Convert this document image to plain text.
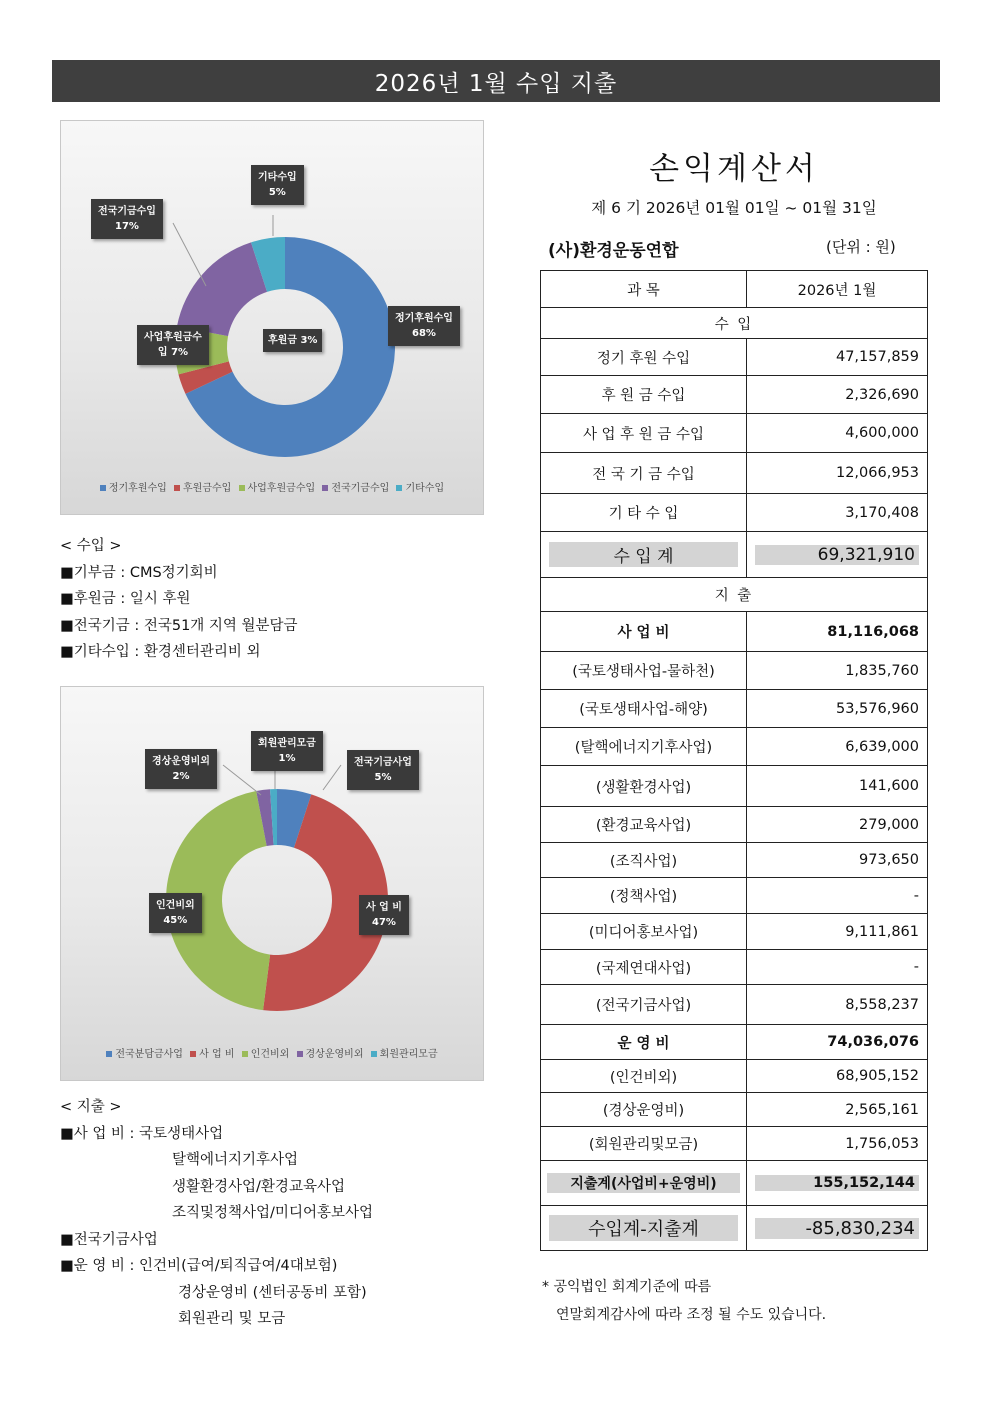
2026년 1월 수입 지출
정기후원수입
68%
후원금 3%
사업후원금수
입 7%
전국기금수입
17%
기타수입
5%
정기후원수입 후원금수입 사업후원금수입 전국기금수입 기타수입
< 수입 >
■기부금 : CMS정기회비
■후원금 : 일시 후원
■전국기금 : 전국51개 지역 월분담금
■기타수입 : 환경센터관리비 외
전국기금사업
5%
사 업 비
47%
인건비외
45%
경상운영비외
2%
회원관리모금
1%
전국분담금사업 사 업 비 인건비외 경상운영비외 회원관리모금
< 지출 >
■사 업 비 : 국토생태사업
탈핵에너지기후사업
생활환경사업/환경교육사업
조직및정책사업/미디어홍보사업
■전국기금사업
■운 영 비 : 인건비(급여/퇴직급여/4대보험)
경상운영비 (센터공동비 포함)
회원관리 및 모금
손익계산서
제 6 기 2026년 01월 01일 ~ 01월 31일
(사)환경운동연합	(단위 : 원)
과 목	2026년 1월
수 입	
정기 후원 수입	47,157,859
후 원 금 수입	2,326,690
사 업 후 원 금 수입	4,600,000
전 국 기 금 수입	12,066,953
기 타 수 입	3,170,408

수 입 계	69,321,910

지 출	
사 업 비	81,116,068
(국토생태사업-물하천)	1,835,760
(국토생태사업-해양)	53,576,960
(탈핵에너지기후사업)	6,639,000
(생활환경사업)	141,600
(환경교육사업)	279,000
(조직사업)	973,650
(정책사업)	-
(미디어홍보사업)	9,111,861
(국제연대사업)	-
(전국기금사업)	8,558,237
운 영 비	74,036,076
(인건비외)	68,905,152
(경상운영비)	2,565,161
(회원관리및모금)	1,756,053

지출계(사업비+운영비)	155,152,144

수입계-지출계	-85,830,234
* 공익법인 회계기준에 따름
연말회계감사에 따라 조정 될 수도 있습니다.
